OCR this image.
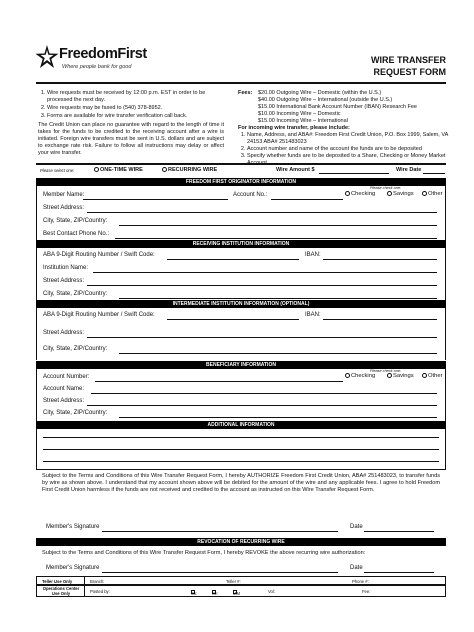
FreedomFirst
Where people bank for good
WIRE TRANSFER
REQUEST FORM
1. Wire requests must be received by 12:00 p.m. EST in order to be processed the next day.
2. Wire requests may be faxed to (540) 378-8952.
3. Forms are available for wire transfer verification call back.

The Credit Union can place no guarantee with regard to the length of time it takes for the funds to be credited to the receiving account after a wire is initiated. Foreign wire transfers must be sent in U.S. dollars and are subject to exchange rate risk. Failure to follow all instructions may delay or affect your wire transfer.

Fees:	$20.00 Outgoing Wire – Domestic (within the U.S.)
$40.00 Outgoing Wire – International (outside the U.S.)
$15.00 International Bank Account Number (IBAN) Research Fee
$10.00 Incoming Wire – Domestic
$15.00 Incoming Wire – International
For incoming wire transfer, please include:
1. Name, Address, and ABA#: Freedom First Credit Union, P.O. Box 1999, Salem, VA 24153 ABA# 251483023
2. Account number and name of the account the funds are to be deposited
3. Specify whether funds are to be deposited to a Share, Checking or Money Market
Please select one:	ONE-TIME WIRE	RECURRING WIRE	Wire Amount $	Wire Date
FREEDOM FIRST ORIGINATOR INFORMATION
Please check one:
Member Name:	Account No.:	Checking	Savings	Other
Street Address:
City, State, ZIP/Country:
Best Contact Phone No.:
RECEIVING INSTITUTION INFORMATION
ABA 9-Digit Routing Number / Swift Code:	IBAN:
Institution Name:
Street Address:
City, State, ZIP/Country:
INTERMEDIATE INSTITUTION INFORMATION (OPTIONAL)
ABA 9-Digit Routing Number / Swift Code:	IBAN:
Street Address:
City, State, ZIP/Country:
BENEFICIARY INFORMATION
Please check one:
Account Number:	Checking	Savings	Other
Account Name:
Street Address:
City, State, ZIP/Country:
ADDITIONAL INFORMATION
Subject to the Terms and Conditions of this Wire Transfer Request Form, I hereby AUTHORIZE Freedom First Credit Union, ABA# 251483023, to transfer funds by wire as shown above. I understand that my account shown above will be debited for the amount of the wire and any applicable fees. I agree to hold Freedom First Credit Union harmless if the funds are not received and credited to the account as instructed on this Wire Transfer Request Form.
Member's Signature	Date
REVOCATION OF RECURRING WIRE
Subject to the Terms and Conditions of this Wire Transfer Request Form, I hereby REVOKE the above recurring wire authorization:
Member's Signature	Date
Teller Use Only	Branch:	Teller #:	Phone #:
Operations Center Use Only	Posted by:	Ck:	Sv:	MM	Vol:	Fee:
